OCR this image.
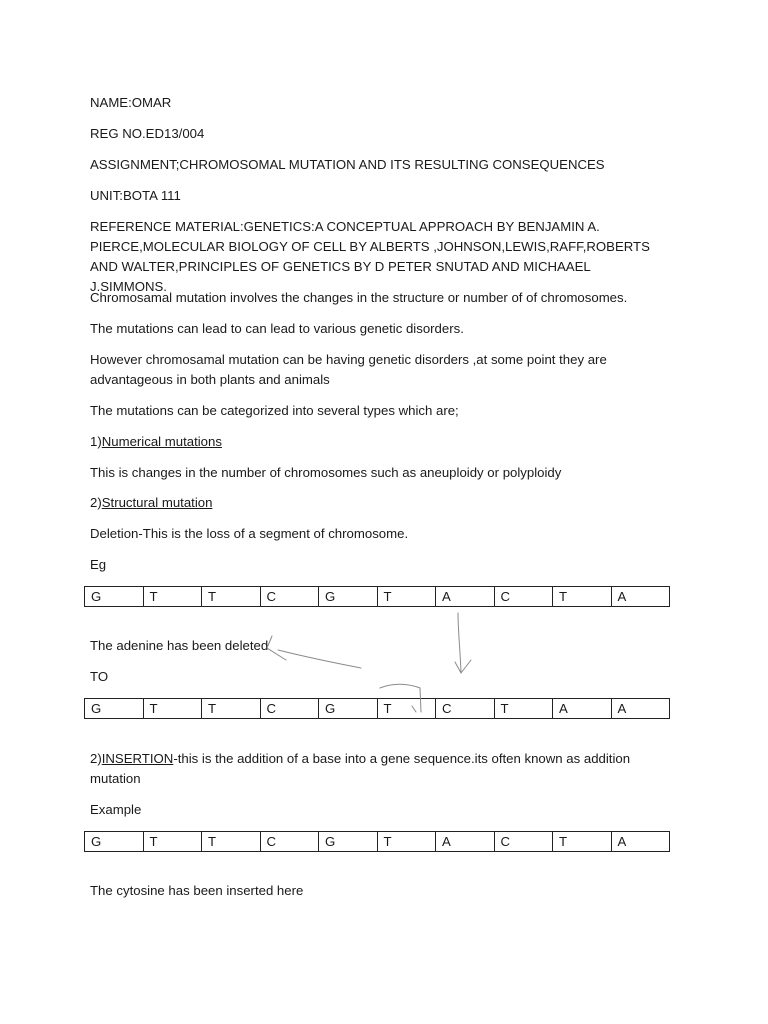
NAME:OMAR

REG NO.ED13/004

ASSIGNMENT;CHROMOSOMAL MUTATION AND ITS RESULTING CONSEQUENCES

UNIT:BOTA 111

REFERENCE MATERIAL:GENETICS:A CONCEPTUAL APPROACH BY BENJAMIN A. PIERCE,MOLECULAR BIOLOGY OF CELL BY ALBERTS ,JOHNSON,LEWIS,RAFF,ROBERTS AND WALTER,PRINCIPLES OF GENETICS BY D PETER SNUTAD AND MICHAAEL J.SIMMONS.

Chromosamal mutation involves the changes in the structure or number of of chromosomes.

The mutations can lead to can lead to various genetic disorders.

However chromosamal mutation can be having genetic disorders ,at some point they are advantageous in both plants and animals

The mutations can be categorized into several types which are;

1)Numerical mutations

This is changes in the number of chromosomes such as aneuploidy or polyploidy

2)Structural mutation

Deletion-This is the loss of a segment of chromosome.

Eg

G	T	T	C	G	T	A	C	T	A

The adenine has been deleted

TO

G	T	T	C	G	T	C	T	A	A

2)INSERTION-this is the addition of a base into a gene sequence.its often known as addition mutation

Example

G	T	T	C	G	T	A	C	T	A

The cytosine has been inserted here
